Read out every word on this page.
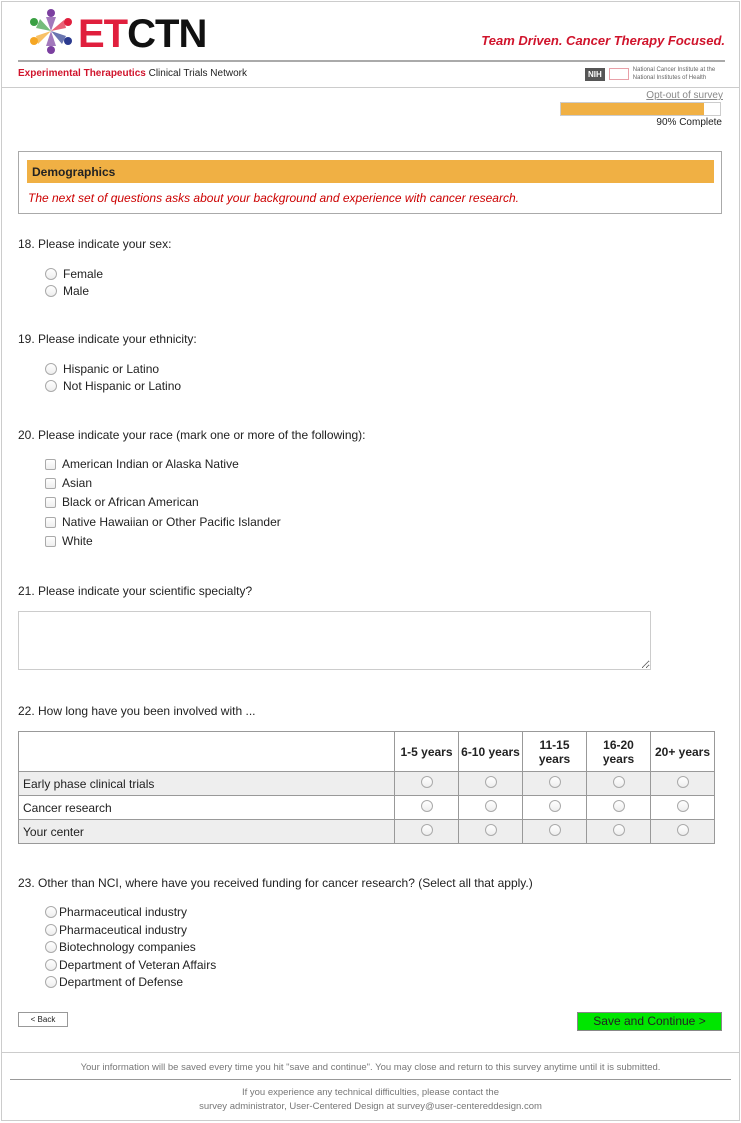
ETCTN	Team Driven. Cancer Therapy Focused.
Experimental Therapeutics Clinical Trials Network	NIH	National Cancer Institute at the
National Institutes of Health
Opt-out of survey
90% Complete
Demographics
The next set of questions asks about your background and experience with cancer research.
18. Please indicate your sex:
Female
Male
19. Please indicate your ethnicity:
Hispanic or Latino
Not Hispanic or Latino
20. Please indicate your race (mark one or more of the following):
American Indian or Alaska Native
Asian
Black or African American
Native Hawaiian or Other Pacific Islander
White
21. Please indicate your scientific specialty?
22. How long have you been involved with ...
	1-5 years	6-10 years	11-15 years	16-20 years	20+ years
Early phase clinical trials					
Cancer research					
Your center					
23. Other than NCI, where have you received funding for cancer research? (Select all that apply.)
Pharmaceutical industry
Pharmaceutical industry
Biotechnology companies
Department of Veteran Affairs
Department of Defense
< Back	Save and Continue >
Your information will be saved every time you hit "save and continue". You may close and return to this survey anytime until it is submitted.
If you experience any technical difficulties, please contact the
survey administrator, User-Centered Design at survey@user-centereddesign.com
